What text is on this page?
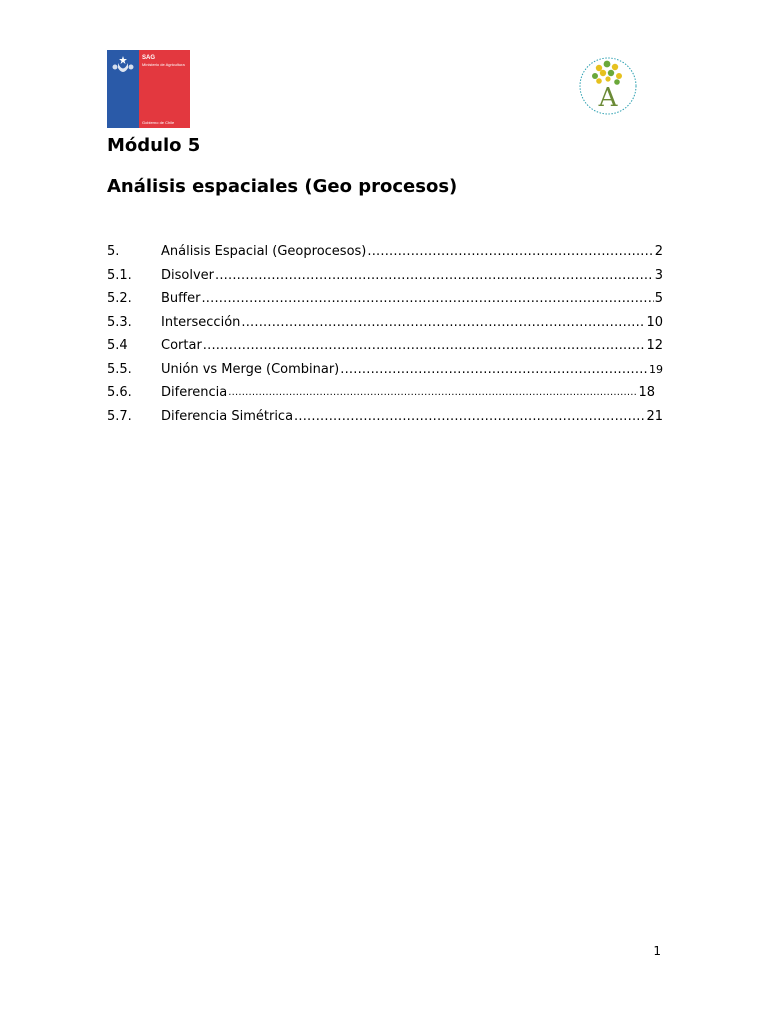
SAG
Ministerio de Agricultura
Gobierno de Chile
A
Módulo 5
Análisis espaciales (Geo procesos)
5.	Análisis Espacial (Geoprocesos) .....	2
5.1.	Disolver .....	3
5.2.	Buffer .....	5
5.3.	Intersección .....	10
5.4	Cortar .....	12
5.5.	Unión vs Merge (Combinar) .....	19
5.6.	Diferencia .....	18
5.7.	Diferencia Simétrica .....	21
1
